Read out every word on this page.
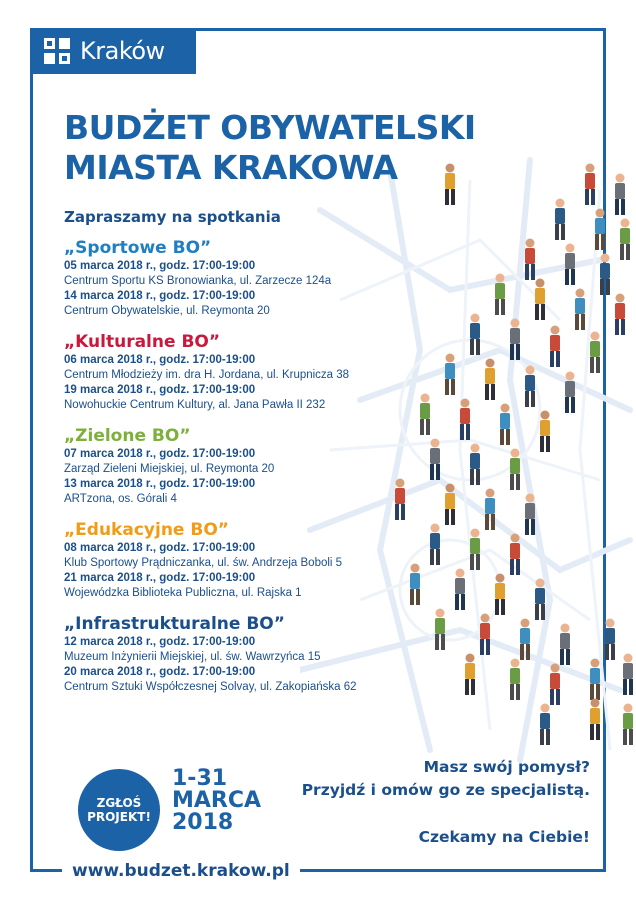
Kraków
BUDŻET OBYWATELSKI
MIASTA KRAKOWA
Zapraszamy na spotkania
„Sportowe BO”
05 marca 2018 r., godz. 17:00-19:00
Centrum Sportu KS Bronowianka, ul. Zarzecze 124a
14 marca 2018 r., godz. 17:00-19:00
Centrum Obywatelskie, ul. Reymonta 20
„Kulturalne BO”
06 marca 2018 r., godz. 17:00-19:00
Centrum Młodzieży im. dra H. Jordana, ul. Krupnicza 38
19 marca 2018 r., godz. 17:00-19:00
Nowohuckie Centrum Kultury, al. Jana Pawła II 232
„Zielone BO”
07 marca 2018 r., godz. 17:00-19:00
Zarząd Zieleni Miejskiej, ul. Reymonta 20
13 marca 2018 r., godz. 17:00-19:00
ARTzona, os. Górali 4
„Edukacyjne BO”
08 marca 2018 r., godz. 17:00-19:00
Klub Sportowy Prądniczanka, ul. św. Andrzeja Boboli 5
21 marca 2018 r., godz. 17:00-19:00
Wojewódzka Biblioteka Publiczna, ul. Rajska 1
„Infrastrukturalne BO”
12 marca 2018 r., godz. 17:00-19:00
Muzeum Inżynierii Miejskiej, ul. św. Wawrzyńca 15
20 marca 2018 r., godz. 17:00-19:00
Centrum Sztuki Współczesnej Solvay, ul. Zakopiańska 62
ZGŁOŚ
PROJEKT!
1-31
MARCA
2018
Masz swój pomysł?
Przyjdź i omów go ze specjalistą.
Czekamy na Ciebie!
www.budzet.krakow.pl
